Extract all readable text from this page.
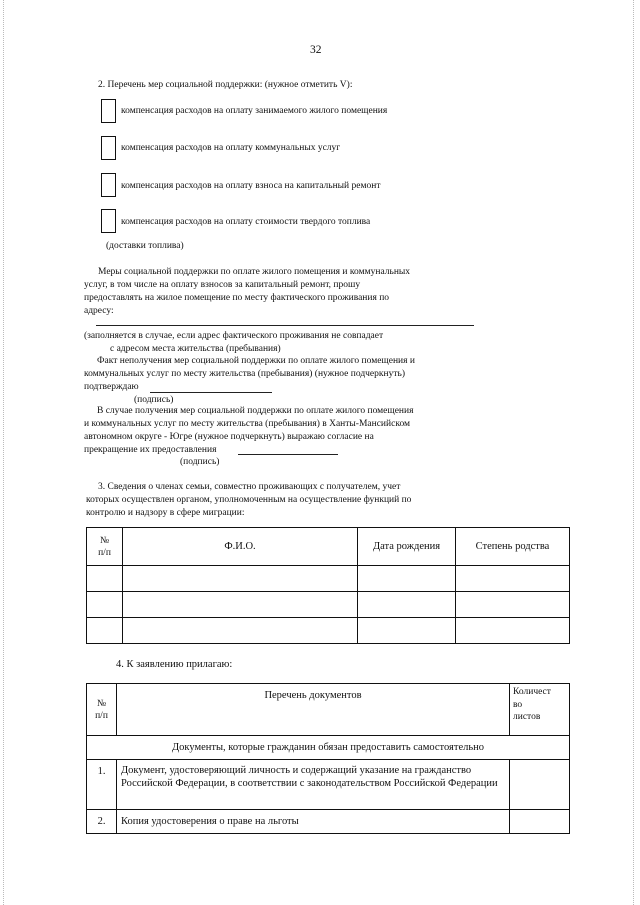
32
2. Перечень мер социальной поддержки: (нужное отметить V):
компенсация расходов на оплату занимаемого жилого помещения
компенсация расходов на оплату коммунальных услуг
компенсация расходов на оплату взноса на капитальный ремонт
компенсация расходов на оплату стоимости твердого топлива
(доставки топлива)
Меры социальной поддержки по оплате жилого помещения и коммунальных
услуг, в том числе на оплату взносов за капитальный ремонт, прошу
предоставлять на жилое помещение по месту фактического проживания по
адресу:
(заполняется в случае, если адрес фактического проживания не совпадает
с адресом места жительства (пребывания)
Факт неполучения мер социальной поддержки по оплате жилого помещения и
коммунальных услуг по месту жительства (пребывания) (нужное подчеркнуть)
подтверждаю
(подпись)
В случае получения мер социальной поддержки по оплате жилого помещения
и коммунальных услуг по месту жительства (пребывания) в Ханты-Мансийском
автономном округе - Югре (нужное подчеркнуть) выражаю согласие на
прекращение их предоставления
(подпись)
3. Сведения о членах семьи, совместно проживающих с получателем, учет
которых осуществлен органом, уполномоченным на осуществление функций по
контролю и надзору в сфере миграции:
№
п/п	Ф.И.О.	Дата рождения	Степень родства

4. К заявлению прилагаю:
№
п/п	Перечень документов	Количест
во
листов
Документы, которые гражданин обязан предоставить самостоятельно		
1.	Документ, удостоверяющий личность и содержащий указание на гражданство Российской Федерации, в соответствии с законодательством Российской Федерации	
2.	Копия удостоверения о праве на льготы	
